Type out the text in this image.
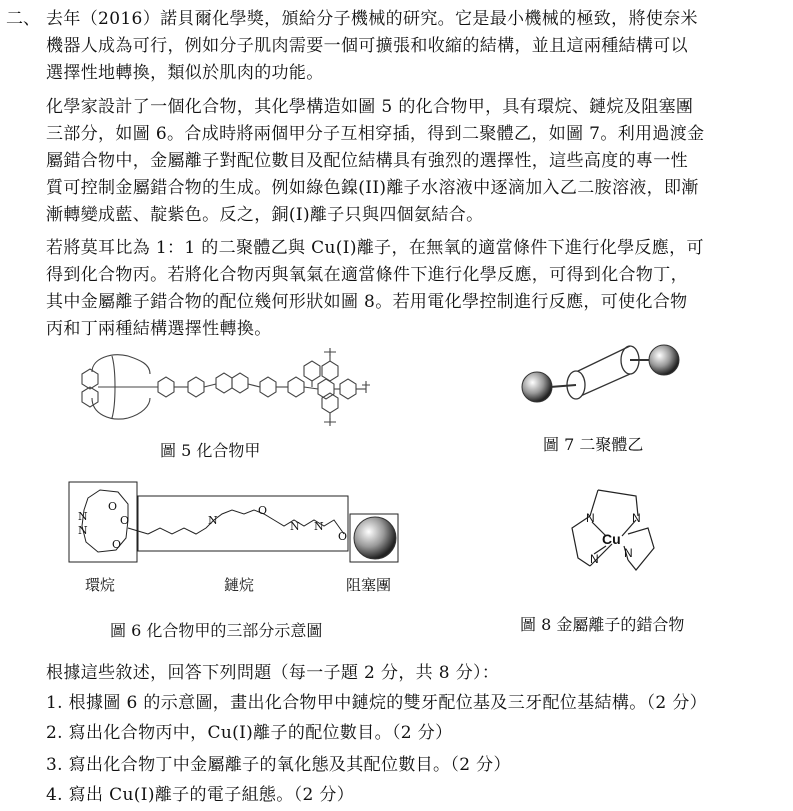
二、 去年（2016）諾貝爾化學獎，頒給分子機械的研究。它是最小機械的極致，將使奈米
機器人成為可行，例如分子肌肉需要一個可擴張和收縮的結構，並且這兩種結構可以
選擇性地轉換，類似於肌肉的功能。
化學家設計了一個化合物，其化學構造如圖 5 的化合物甲，具有環烷、鏈烷及阻塞團
三部分，如圖 6。合成時將兩個甲分子互相穿插，得到二聚體乙，如圖 7。利用過渡金
屬錯合物中，金屬離子對配位數目及配位結構具有強烈的選擇性，這些高度的專一性
質可控制金屬錯合物的生成。例如綠色鎳(II)離子水溶液中逐滴加入乙二胺溶液，即漸
漸轉變成藍、靛紫色。反之，銅(I)離子只與四個氨結合。
若將莫耳比為 1：1 的二聚體乙與 Cu(I)離子，在無氧的適當條件下進行化學反應，可
得到化合物丙。若將化合物丙與氧氣在適當條件下進行化學反應，可得到化合物丁，
其中金屬離子錯合物的配位幾何形狀如圖 8。若用電化學控制進行反應，可使化合物
丙和丁兩種結構選擇性轉換。
N
N
O
O
O
N	N N
O
O	Cu
N	N
N N
圖 5 化合物甲	圖 7 二聚體乙
環烷	鏈烷	阻塞團
圖 6 化合物甲的三部分示意圖	圖 8 金屬離子的錯合物
根據這些敘述，回答下列問題（每一子題 2 分，共 8 分）：
1. 根據圖 6 的示意圖，畫出化合物甲中鏈烷的雙牙配位基及三牙配位基結構。（2 分）
2. 寫出化合物丙中，Cu(I)離子的配位數目。（2 分）
3. 寫出化合物丁中金屬離子的氧化態及其配位數目。（2 分）
4. 寫出 Cu(I)離子的電子組態。（2 分）
